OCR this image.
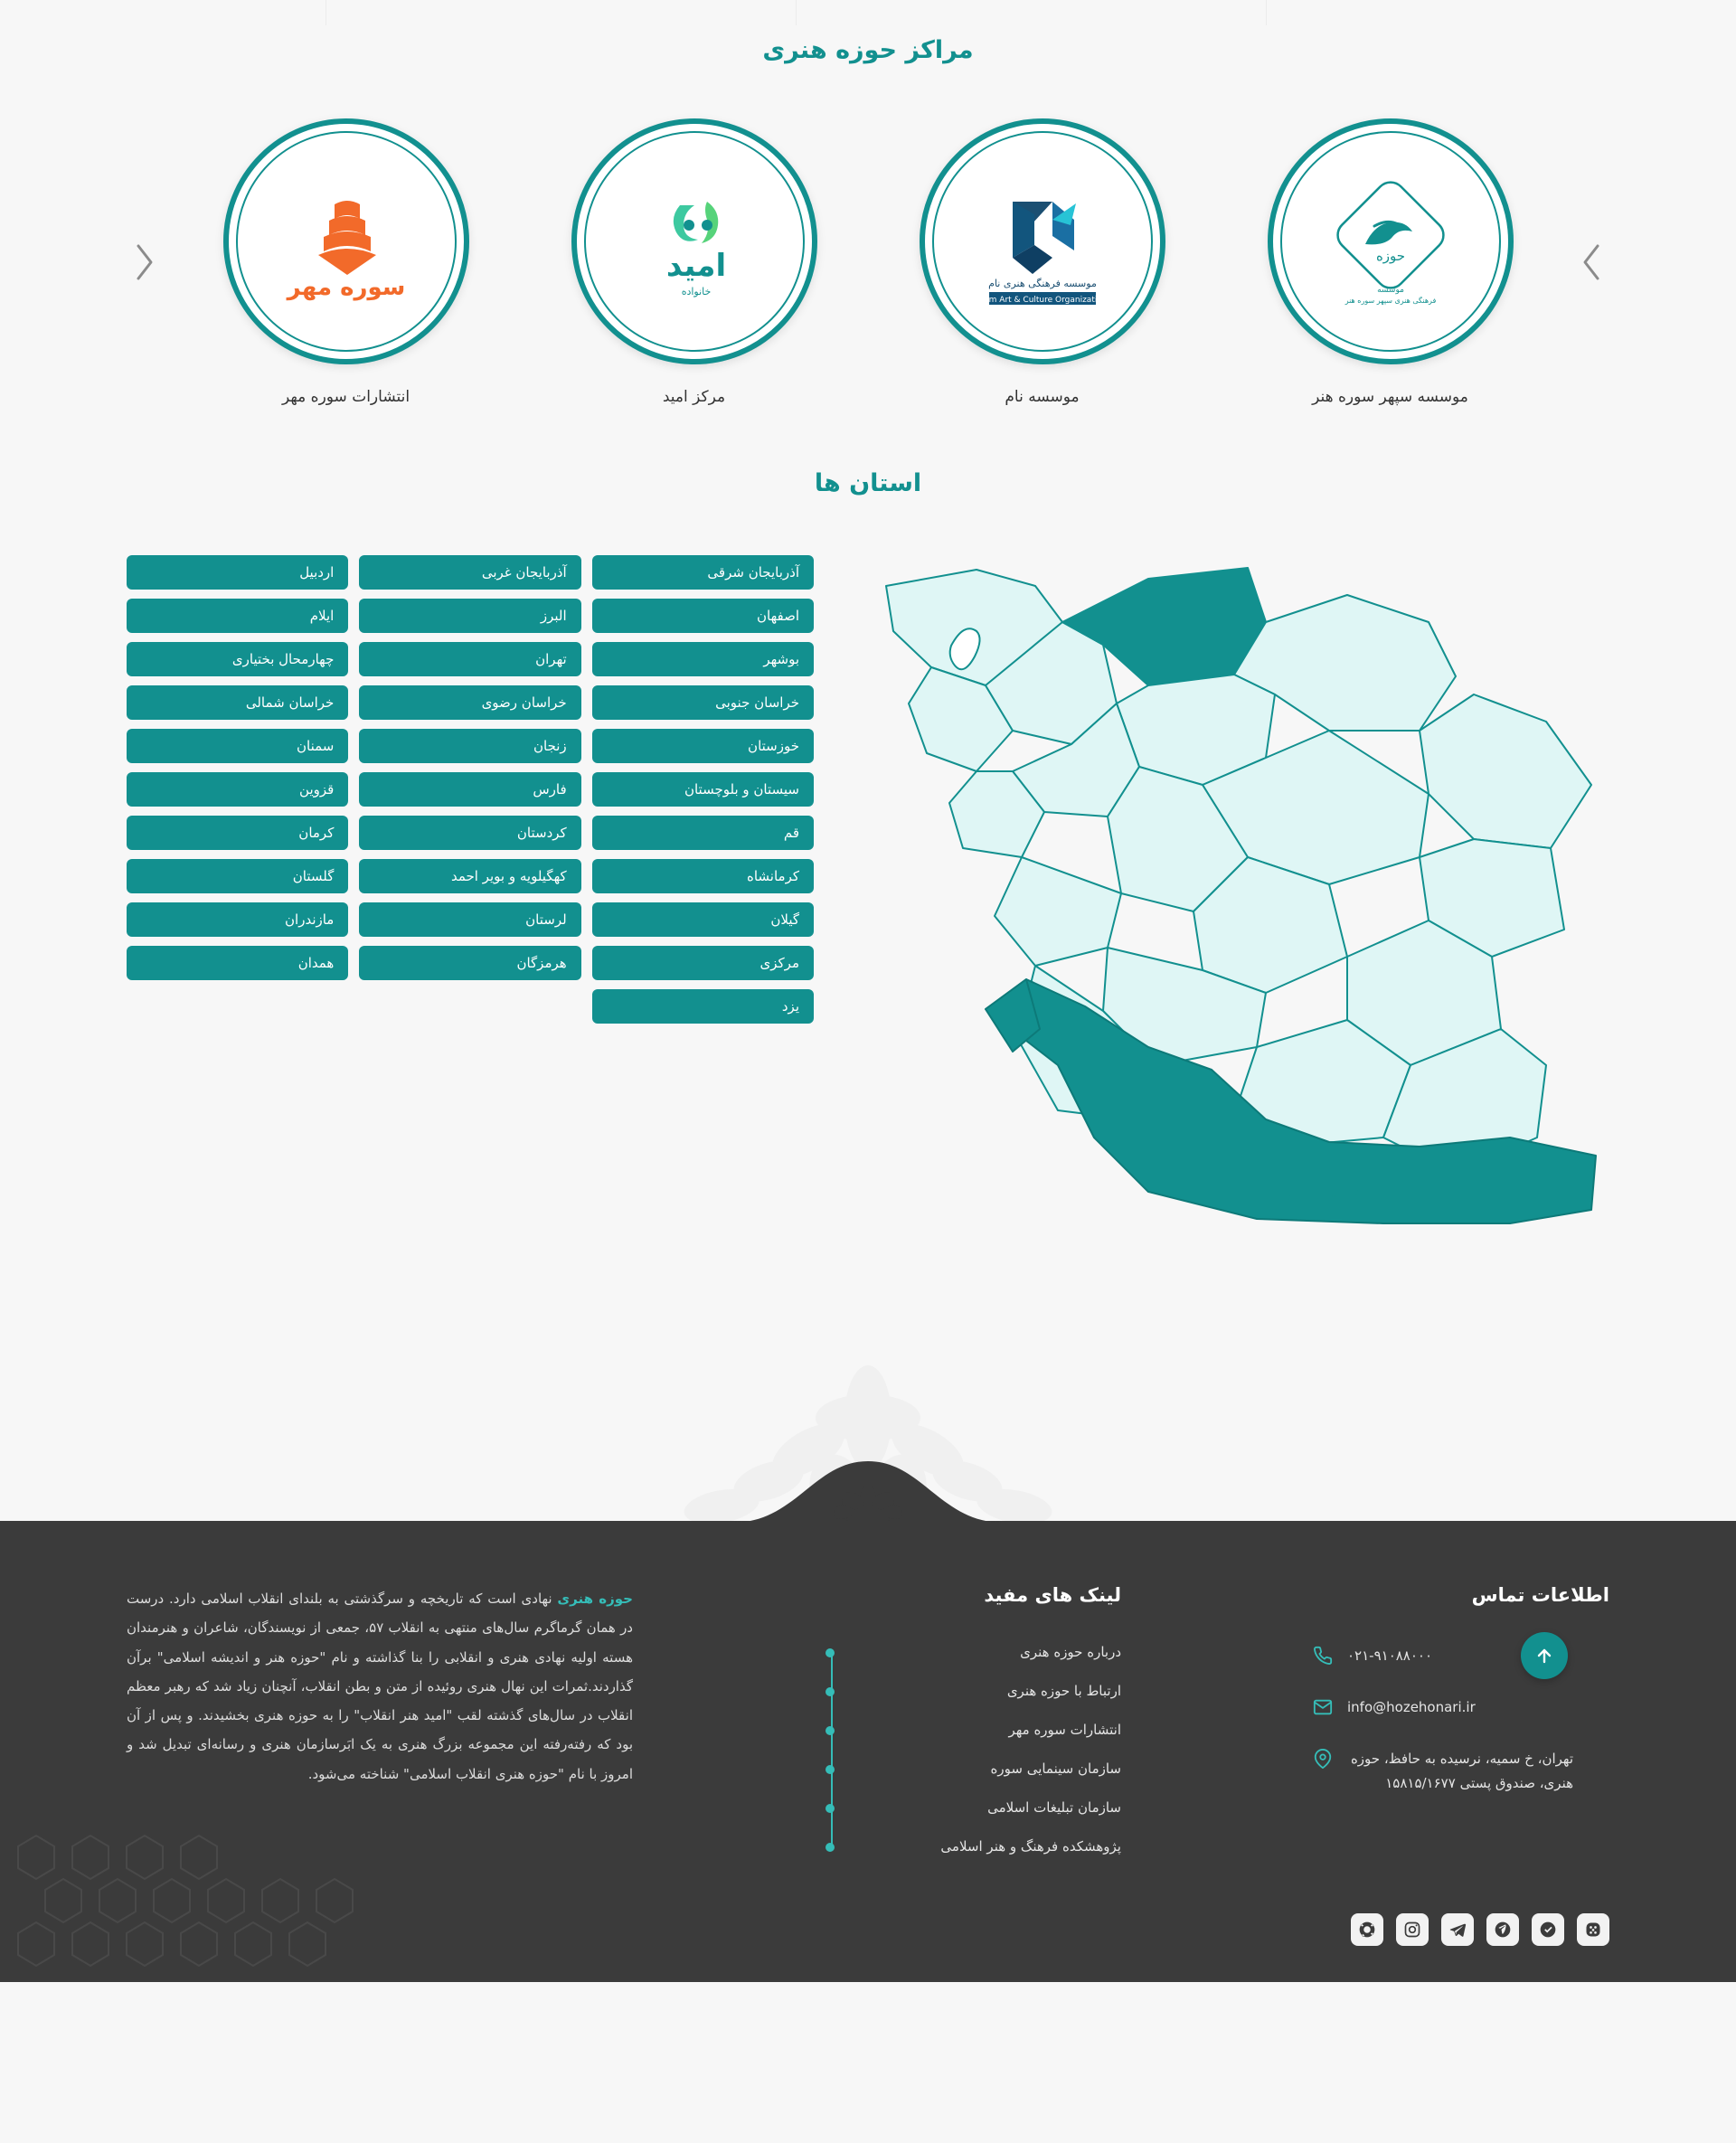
مراکز حوزه هنری
حوزه
موسسه
فرهنگی هنری سپهر سوره هنر
موسسه سپهر سوره هنر
موسسه فرهنگی هنری نام
Nam Art & Culture Organization
موسسه نام
امید
خانواده
مرکز امید
سوره مهر
انتشارات سوره مهر
استان ها
آذربایجان شرقی
آذربایجان غربی
اردبیل
اصفهان
البرز
ایلام
بوشهر
تهران
چهارمحال بختیاری
خراسان جنوبی
خراسان رضوی
خراسان شمالی
خوزستان
زنجان
سمنان
سیستان و بلوچستان
فارس
قزوین
قم
کردستان
کرمان
کرمانشاه
کهگیلویه و بویر احمد
گلستان
گیلان
لرستان
مازندران
مرکزی
هرمزگان
همدان
یزد
اطلاعات تماس
۰۲۱-۹۱۰۸۸۰۰۰
info@hozehonari.ir
تهران، خ سمیه، نرسیده به حافظ، حوزه هنری، صندوق پستی ۱۵۸۱۵/۱۶۷۷
لینک های مفید
درباره حوزه هنری
ارتباط با حوزه هنری
انتشارات سوره مهر
سازمان سینمایی سوره
سازمان تبلیغات اسلامی
پژوهشکده فرهنگ و هنر اسلامی

حوزه هنری نهادی است که تاریخچه و سرگذشتی به بلندای انقلاب اسلامی دارد. درست در همان گرماگرم سال‌های منتهی به انقلاب ۵۷، جمعی از نویسندگان، شاعران و هنرمندان هسته اولیه نهادی هنری و انقلابی را بنا گذاشته و نام "حوزه هنر و اندیشه اسلامی" برآن گذاردند.ثمرات این نهال هنری روئیده از متن و بطن انقلاب، آنچنان زیاد شد که رهبر معظم انقلاب در سال‌های گذشته لقب "امید هنر انقلاب" را به حوزه هنری بخشیدند. و پس از آن بود که رفته‌رفته این مجموعه بزرگ هنری به یک ابَرسازمان هنری و رسانه‌ای تبدیل شد و امروز با نام "حوزه هنری انقلاب اسلامی" شناخته می‌شود.
